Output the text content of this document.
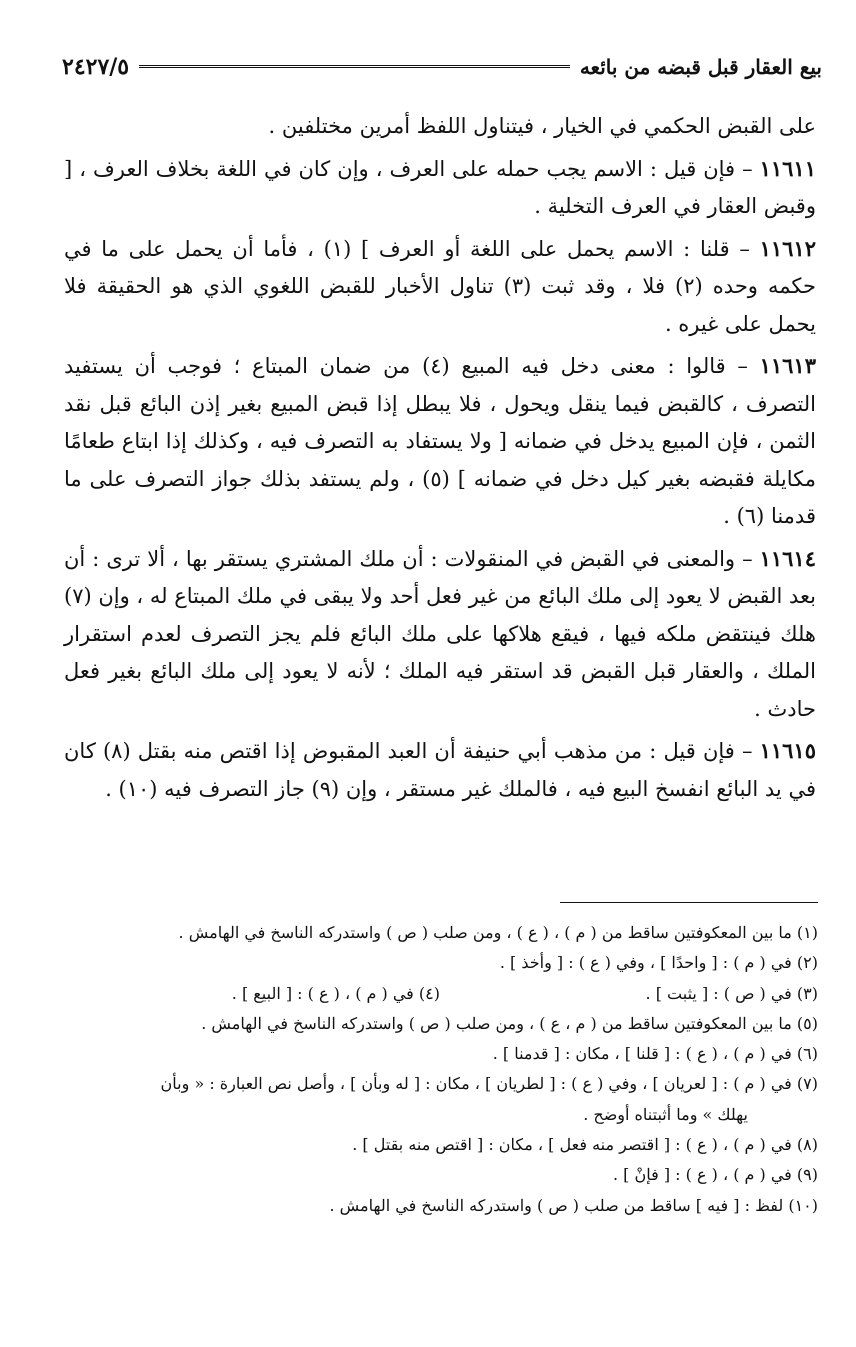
بيع العقار قبل قبضه من بائعه
٢٤٢٧/٥

على القبض الحكمي في الخيار ، فيتناول اللفظ أمرين مختلفين .

١١٦١١ – فإن قيل : الاسم يجب حمله على العرف ، وإن كان في اللغة بخلاف العرف ، [ وقبض العقار في العرف التخلية .

١١٦١٢ – قلنا : الاسم يحمل على اللغة أو العرف ] (١) ، فأما أن يحمل على ما في حكمه وحده (٢) فلا ، وقد ثبت (٣) تناول الأخبار للقبض اللغوي الذي هو الحقيقة فلا يحمل على غيره .

١١٦١٣ – قالوا : معنى دخل فيه المبيع (٤) من ضمان المبتاع ؛ فوجب أن يستفيد التصرف ، كالقبض فيما ينقل ويحول ، فلا يبطل إذا قبض المبيع بغير إذن البائع قبل نقد الثمن ، فإن المبيع يدخل في ضمانه [ ولا يستفاد به التصرف فيه ، وكذلك إذا ابتاع طعامًا مكايلة فقبضه بغير كيل دخل في ضمانه ] (٥) ، ولم يستفد بذلك جواز التصرف على ما قدمنا (٦) .

١١٦١٤ – والمعنى في القبض في المنقولات : أن ملك المشتري يستقر بها ، ألا ترى : أن بعد القبض لا يعود إلى ملك البائع من غير فعل أحد ولا يبقى في ملك المبتاع له ، وإن (٧) هلك فينتقض ملكه فيها ، فيقع هلاكها على ملك البائع فلم يجز التصرف لعدم استقرار الملك ، والعقار قبل القبض قد استقر فيه الملك ؛ لأنه لا يعود إلى ملك البائع بغير فعل حادث .

١١٦١٥ – فإن قيل : من مذهب أبي حنيفة أن العبد المقبوض إذا اقتص منه بقتل (٨) كان في يد البائع انفسخ البيع فيه ، فالملك غير مستقر ، وإن (٩) جاز التصرف فيه (١٠) .

(١) ما بين المعكوفتين ساقط من ( م ) ، ( ع ) ، ومن صلب ( ص ) واستدركه الناسخ في الهامش .

(٢) في ( م ) : [ واحدًا ] ، وفي ( ع ) : [ وأخذ ] .

(٣) في ( ص ) : [ يثبت ] .
(٤) في ( م ) ، ( ع ) : [ البيع ] .

(٥) ما بين المعكوفتين ساقط من ( م ، ع ) ، ومن صلب ( ص ) واستدركه الناسخ في الهامش .

(٦) في ( م ) ، ( ع ) : [ قلنا ] ، مكان : [ قدمنا ] .

(٧) في ( م ) : [ لعريان ] ، وفي ( ع ) : [ لطريان ] ، مكان : [ له وبأن ] ، وأصل نص العبارة : « وبأن

يهلك » وما أثبتناه أوضح .

(٨) في ( م ) ، ( ع ) : [ اقتصر منه فعل ] ، مكان : [ اقتص منه بقتل ] .

(٩) في ( م ) ، ( ع ) : [ فإنْ ] .

(١٠) لفظ : [ فيه ] ساقط من صلب ( ص ) واستدركه الناسخ في الهامش .
